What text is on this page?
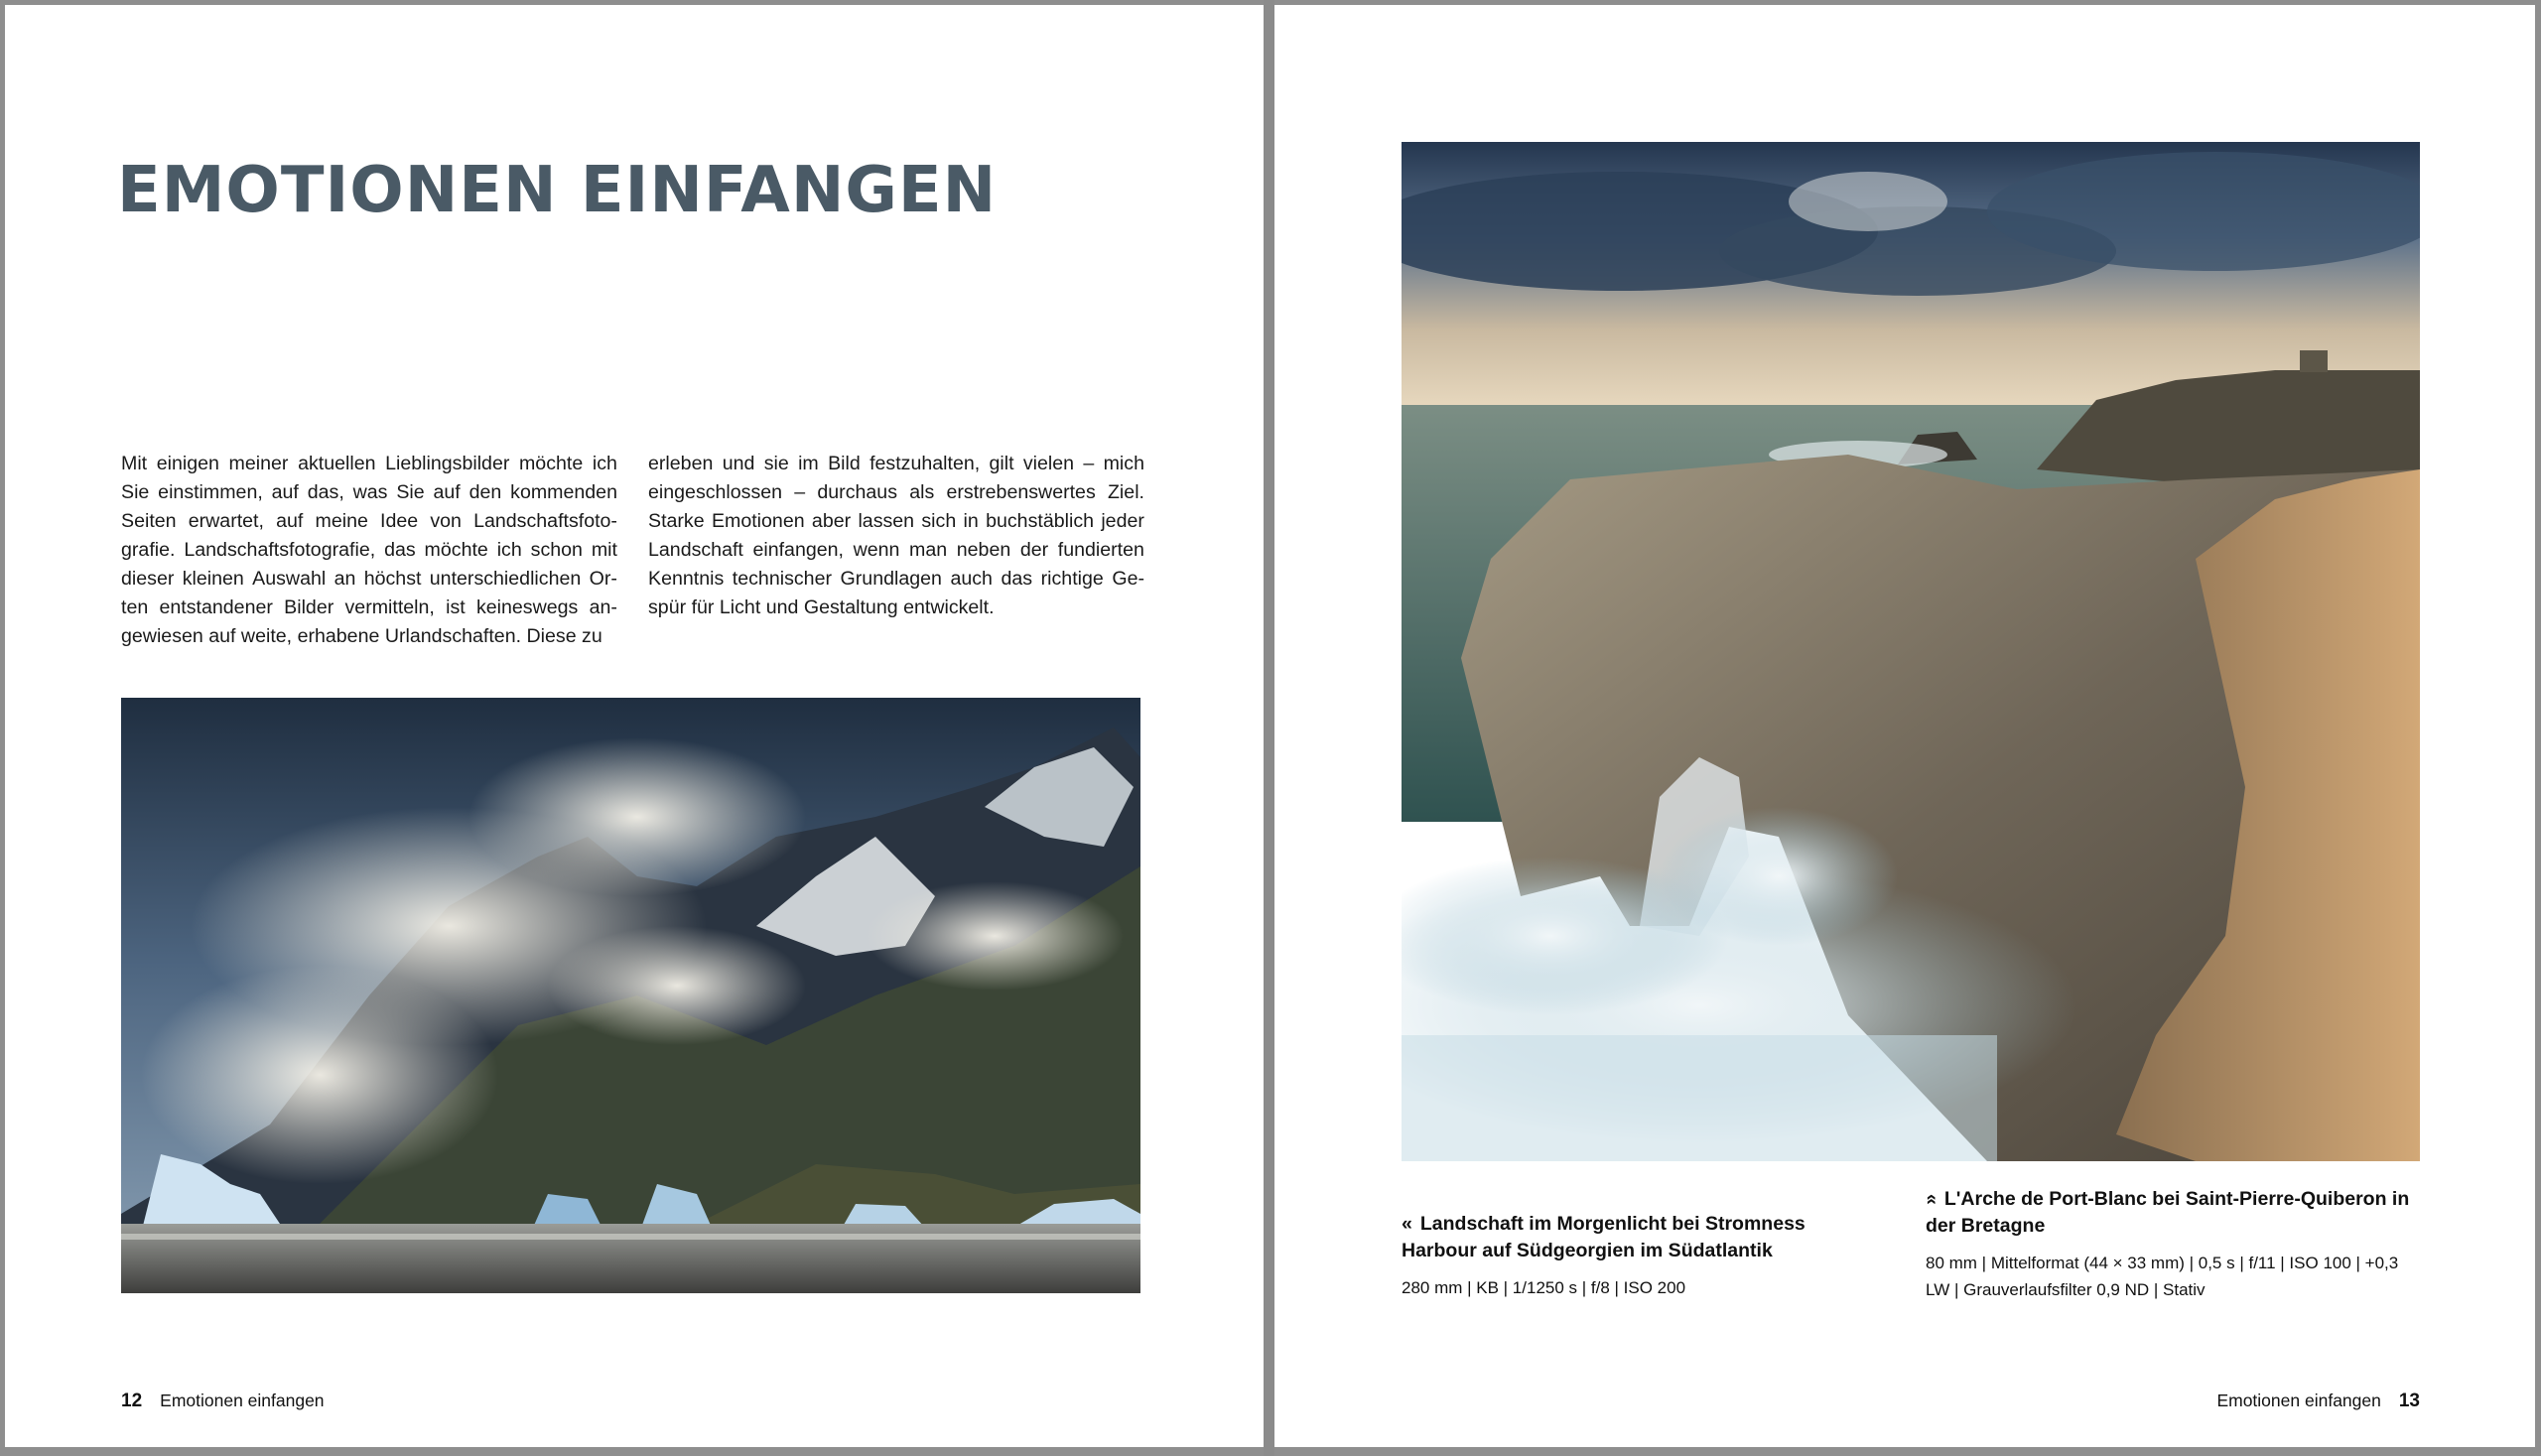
EMOTIONEN EINFANGEN
Mit einigen meiner aktuellen Lieblingsbilder möchte ich
Sie einstimmen, auf das, was Sie auf den kommenden
Seiten erwartet, auf meine Idee von Landschaftsfoto-
grafie. Landschaftsfotografie, das möchte ich schon mit
dieser kleinen Auswahl an höchst unterschiedlichen Or-
ten entstandener Bilder vermitteln, ist keineswegs an-
gewiesen auf weite, erhabene Urlandschaften. Diese zu
erleben und sie im Bild festzuhalten, gilt vielen – mich
eingeschlossen – durchaus als erstrebenswertes Ziel.
Starke Emotionen aber lassen sich in buchstäblich jeder
Landschaft einfangen, wenn man neben der fundierten
Kenntnis technischer Grundlagen auch das richtige Ge-
spür für Licht und Gestaltung entwickelt.
12 Emotionen einfangen
« Landschaft im Morgenlicht bei Stromness Harbour auf Südgeorgien im Südatlantik
280 mm | KB | 1/1250 s | f/8 | ISO 200
» L'Arche de Port-Blanc bei Saint-Pierre-Quiberon in der Bretagne
80 mm | Mittelformat (44 × 33 mm) | 0,5 s | f/11 | ISO 100 | +0,3 LW | Grauverlaufsfilter 0,9 ND | Stativ
Emotionen einfangen 13
